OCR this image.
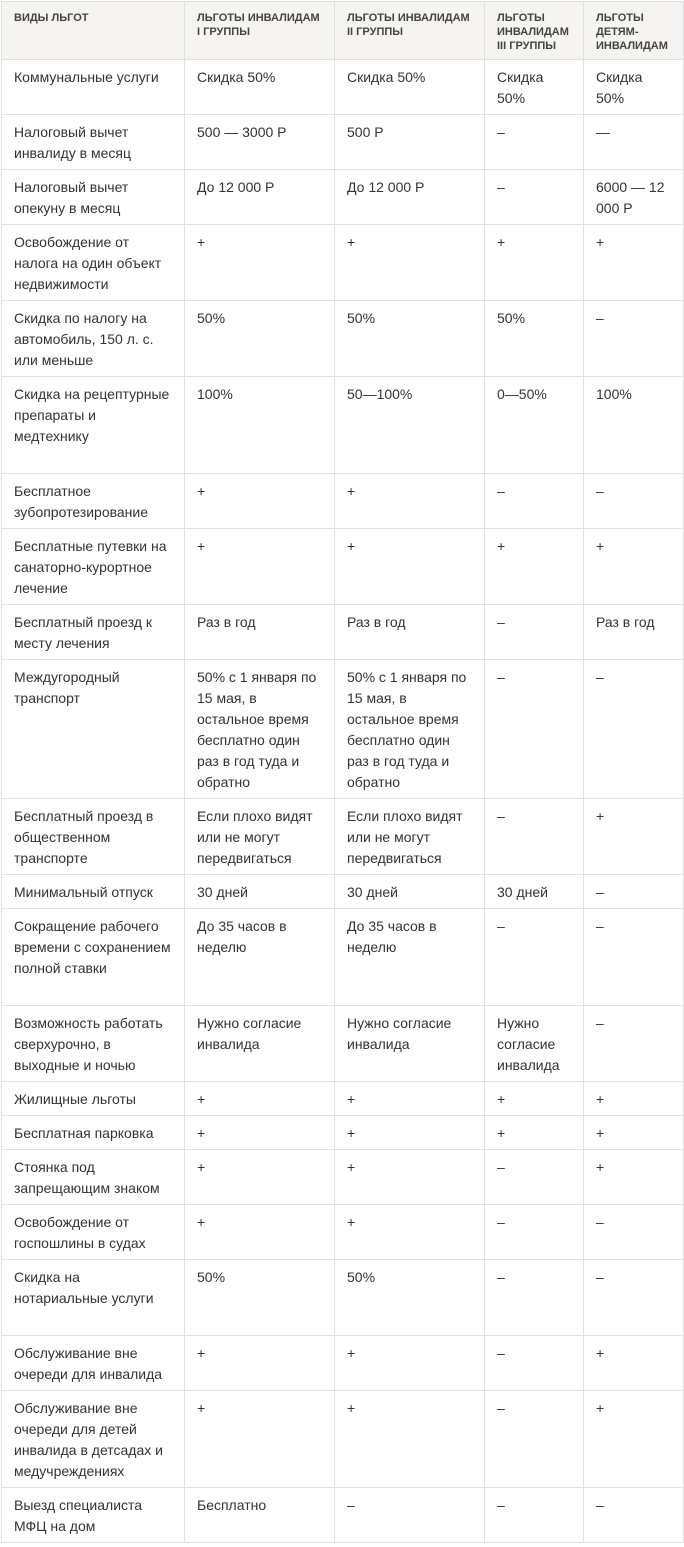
ВИДЫ ЛЬГОТ	ЛЬГОТЫ ИНВАЛИДАМ I ГРУППЫ	ЛЬГОТЫ ИНВАЛИДАМ II ГРУППЫ	ЛЬГОТЫ ИНВАЛИДАМ III ГРУППЫ	ЛЬГОТЫ ДЕТЯМ-ИНВАЛИДАМ
Коммунальные услуги	Скидка 50%	Скидка 50%	Скидка 50%	Скидка 50%
Налоговый вычет инвалиду в месяц	500 — 3000 Р	500 Р	–	—
Налоговый вычет опекуну в месяц	До 12 000 Р	До 12 000 Р	–	6000 — 12 000 Р
Освобождение от налога на один объект недвижимости	+	+	+	+
Скидка по налогу на автомобиль, 150 л. с. или меньше	50%	50%	50%	–
Скидка на рецептурные препараты и медтехнику	100%	50—100%	0—50%	100%
Бесплатное зубопротезирование	+	+	–	–
Бесплатные путевки на санаторно-курортное лечение	+	+	+	+
Бесплатный проезд к месту лечения	Раз в год	Раз в год	–	Раз в год
Междугородный транспорт	50% с 1 января по 15 мая, в остальное время бесплатно один раз в год туда и обратно	50% с 1 января по 15 мая, в остальное время бесплатно один раз в год туда и обратно	–	–
Бесплатный проезд в общественном транспорте	Если плохо видят или не могут передвигаться	Если плохо видят или не могут передвигаться	–	+
Минимальный отпуск	30 дней	30 дней	30 дней	–
Сокращение рабочего времени с сохранением полной ставки	До 35 часов в неделю	До 35 часов в неделю	–	–
Возможность работать сверхурочно, в выходные и ночью	Нужно согласие инвалида	Нужно согласие инвалида	Нужно согласие инвалида	–
Жилищные льготы	+	+	+	+
Бесплатная парковка	+	+	+	+
Стоянка под запрещающим знаком	+	+	–	+
Освобождение от госпошлины в судах	+	+	–	–
Скидка на нотариальные услуги	50%	50%	–	–
Обслуживание вне очереди для инвалида	+	+	–	+
Обслуживание вне очереди для детей инвалида в детсадах и медучреждениях	+	+	–	+
Выезд специалиста МФЦ на дом	Бесплатно	–	–	–
